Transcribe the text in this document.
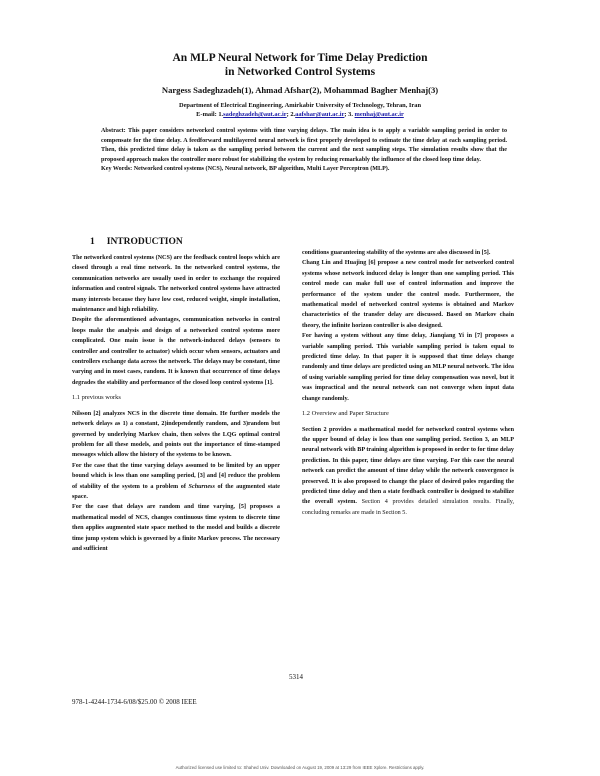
An MLP Neural Network for Time Delay Prediction
in Networked Control Systems
Nargess Sadeghzadeh(1), Ahmad Afshar(2), Mohammad Bagher Menhaj(3)
Department of Electrical Engineering, Amirkabir University of Technology, Tehran, Iran
E-mail: 1.sadeghzadeh@aut.ac.ir; 2.aafshar@aut.ac.ir; 3. menhaj@aut.ac.ir

Abstract: This paper considers networked control systems with time varying delays. The main idea is to apply a variable sampling period in order to compensate for the time delay. A feedforward multilayered neural network is first properly developed to estimate the time delay at each sampling period. Then, this predicted time delay is taken as the sampling period between the current and the next sampling steps. The simulation results show that the proposed approach makes the controller more robust for stabilizing the system by reducing remarkably the influence of the closed loop time delay.

Key Words: Networked control systems (NCS), Neural network, BP algorithm, Multi Layer Perceptron (MLP).

1 INTRODUCTION

The networked control systems (NCS) are the feedback control loops which are closed through a real time network. In the networked control systems, the communication networks are usually used in order to exchange the required information and control signals. The networked control systems have attracted many interests because they have low cost, reduced weight, simple installation, maintenance and high reliability.

Despite the aforementioned advantages, communication networks in control loops make the analysis and design of a networked control systems more complicated. One main issue is the network-induced delays (sensors to controller and controller to actuator) which occur when sensors, actuators and controllers exchange data across the network. The delays may be constant, time varying and in most cases, random. It is known that occurrence of time delays degrades the stability and performance of the closed loop control systems [1].

1.1 previous works

Nilsson [2] analyzes NCS in the discrete time domain. He further models the network delays as 1) a constant, 2)independently random, and 3)random but governed by underlying Markov chain, then solves the LQG optimal control problem for all these models, and points out the importance of time-stamped messages which allow the history of the systems to be known.

For the case that the time varying delays assumed to be limited by an upper bound which is less than one sampling period, [3] and [4] reduce the problem of stability of the system to a problem of Schurness of the augmented state space.

For the case that delays are random and time varying, [5] proposes a mathematical model of NCS, changes continuous time system to discrete time then applies augmented state space method to the model and builds a discrete time jump system which is governed by a finite Markov process. The necessary and sufficient

conditions guaranteeing stability of the systems are also discussed in [5].

Chang Lin and Huajing [6] propose a new control mode for networked control systems whose network induced delay is longer than one sampling period. This control mode can make full use of control information and improve the performance of the system under the control mode. Furthermore, the mathematical model of networked control systems is obtained and Markov characteristics of the transfer delay are discussed. Based on Markov chain theory, the infinite horizon controller is also designed.

For having a system without any time delay, Jianqiang Yi in [7] proposes a variable sampling period. This variable sampling period is taken equal to predicted time delay. In that paper it is supposed that time delays change randomly and time delays are predicted using an MLP neural network. The idea of using variable sampling period for time delay compensation was novel, but it was impractical and the neural network can not converge when input data change randomly.

1.2 Overview and Paper Structure

Section 2 provides a mathematical model for networked control systems when the upper bound of delay is less than one sampling period. Section 3, an MLP neural network with BP training algorithm is proposed in order to for time delay prediction. In this paper, time delays are time varying. For this case the neural network can predict the amount of time delay while the network convergence is preserved. It is also proposed to change the place of desired poles regarding the predicted time delay and then a state feedback controller is designed to stabilize the overall system. Section 4 provides detailed simulation results. Finally, concluding remarks are made in Section 5.

5314
978-1-4244-1734-6/08/$25.00 © 2008 IEEE
Authorized licensed use limited to: Shahed Univ. Downloaded on August 19, 2009 at 13:29 from IEEE Xplore. Restrictions apply.
